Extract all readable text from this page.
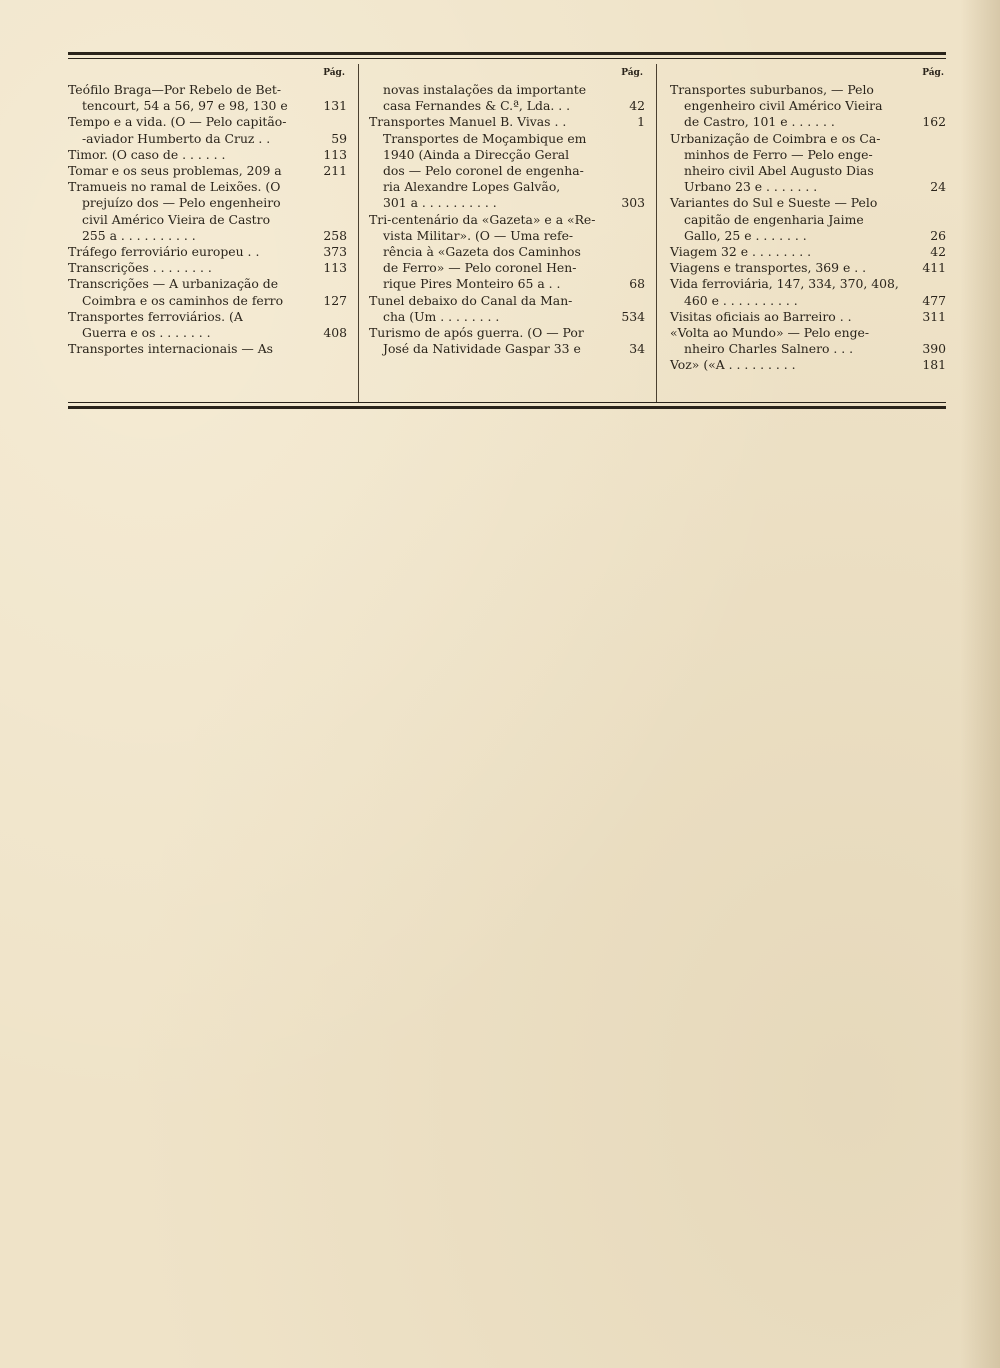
Pág.
Teófilo Braga—Por Rebelo de Bet-
tencourt, 54 a 56, 97 e 98, 130 e	131
Tempo e a vida. (O — Pelo capitão-
-aviador Humberto da Cruz . .	59
Timor. (O caso de . . . . . .	113
Tomar e os seus problemas, 209 a	211
Tramueis no ramal de Leixões. (O
prejuízo dos — Pelo engenheiro
civil Américo Vieira de Castro
255 a . . . . . . . . . .	258
Tráfego ferroviário europeu . .	373
Transcrições . . . . . . . .	113
Transcrições — A urbanização de
Coimbra e os caminhos de ferro	127
Transportes ferroviários. (A
Guerra e os . . . . . . .	408
Transportes internacionais — As
Pág.
novas instalações da importante
casa Fernandes & C.ª, Lda. . .	42
Transportes Manuel B. Vivas . .	1
Transportes de Moçambique em
1940 (Ainda a Direcção Geral
dos — Pelo coronel de engenha-
ria Alexandre Lopes Galvão,
301 a . . . . . . . . . .	303
Tri-centenário da «Gazeta» e a «Re-
vista Militar». (O — Uma refe-
rência à «Gazeta dos Caminhos
de Ferro» — Pelo coronel Hen-
rique Pires Monteiro 65 a . .	68
Tunel debaixo do Canal da Man-
cha (Um . . . . . . . .	534
Turismo de após guerra. (O — Por
José da Natividade Gaspar 33 e	34
Pág.
Transportes suburbanos, — Pelo
engenheiro civil Américo Vieira
de Castro, 101 e . . . . . .	162
Urbanização de Coimbra e os Ca-
minhos de Ferro — Pelo enge-
nheiro civil Abel Augusto Dias
Urbano 23 e . . . . . . .	24
Variantes do Sul e Sueste — Pelo
capitão de engenharia Jaime
Gallo, 25 e . . . . . . .	26
Viagem 32 e . . . . . . . .	42
Viagens e transportes, 369 e . .	411
Vida ferroviária, 147, 334, 370, 408,
460 e . . . . . . . . . .	477
Visitas oficiais ao Barreiro . .	311
«Volta ao Mundo» — Pelo enge-
nheiro Charles Salnero . . .	390
Voz» («A . . . . . . . . .	181
